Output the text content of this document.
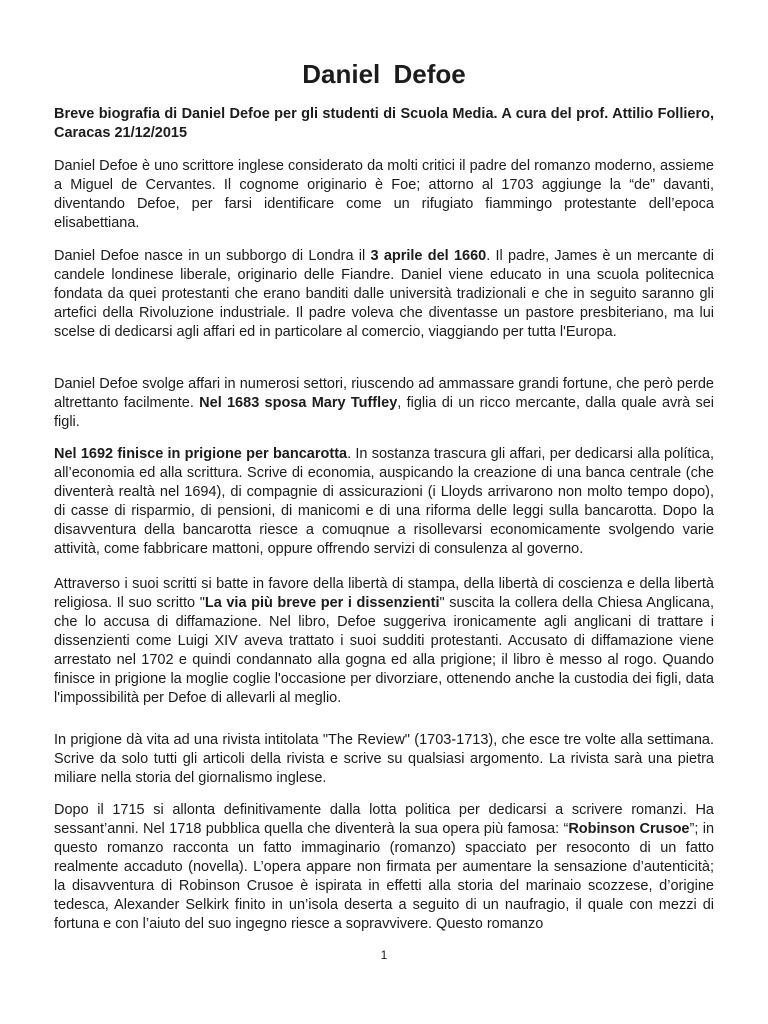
Daniel Defoe

Breve biografia di Daniel Defoe per gli studenti di Scuola Media. A cura del prof. Attilio Folliero, Caracas 21/12/2015

Daniel Defoe è uno scrittore inglese considerato da molti critici il padre del romanzo moderno, assieme a Miguel de Cervantes. Il cognome originario è Foe; attorno al 1703 aggiunge la “de” davanti, diventando Defoe, per farsi identificare come un rifugiato fiammingo protestante dell’epoca elisabettiana.

Daniel Defoe nasce in un subborgo di Londra il 3 aprile del 1660. Il padre, James è un mercante di candele londinese liberale, originario delle Fiandre. Daniel viene educato in una scuola politecnica fondata da quei protestanti che erano banditi dalle università tradizionali e che in seguito saranno gli artefici della Rivoluzione industriale. Il padre voleva che diventasse un pastore presbiteriano, ma lui scelse di dedicarsi agli affari ed in particolare al comercio, viaggiando per tutta l'Europa.

Daniel Defoe svolge affari in numerosi settori, riuscendo ad ammassare grandi fortune, che però perde altrettanto facilmente. Nel 1683 sposa Mary Tuffley, figlia di un ricco mercante, dalla quale avrà sei figli.

Nel 1692 finisce in prigione per bancarotta. In sostanza trascura gli affari, per dedicarsi alla política, all’economia ed alla scrittura. Scrive di economia, auspicando la creazione di una banca centrale (che diventerà realtà nel 1694), di compagnie di assicurazioni (i Lloyds arrivarono non molto tempo dopo), di casse di risparmio, di pensioni, di manicomi e di una riforma delle leggi sulla bancarotta. Dopo la disavventura della bancarotta riesce a comuqnue a risollevarsi economicamente svolgendo varie attività, come fabbricare mattoni, oppure offrendo servizi di consulenza al governo.

Attraverso i suoi scritti si batte in favore della libertà di stampa, della libertà di coscienza e della libertà religiosa. Il suo scritto "La via più breve per i dissenzienti" suscita la collera della Chiesa Anglicana, che lo accusa di diffamazione. Nel libro, Defoe suggeriva ironicamente agli anglicani di trattare i dissenzienti come Luigi XIV aveva trattato i suoi sudditi protestanti. Accusato di diffamazione viene arrestato nel 1702 e quindi condannato alla gogna ed alla prigione; il libro è messo al rogo. Quando finisce in prigione la moglie coglie l'occasione per divorziare, ottenendo anche la custodia dei figli, data l'impossibilità per Defoe di allevarli al meglio.

In prigione dà vita ad una rivista intitolata "The Review" (1703-1713), che esce tre volte alla settimana. Scrive da solo tutti gli articoli della rivista e scrive su qualsiasi argomento. La rivista sarà una pietra miliare nella storia del giornalismo inglese.

Dopo il 1715 si allonta definitivamente dalla lotta politica per dedicarsi a scrivere romanzi. Ha sessant’anni. Nel 1718 pubblica quella che diventerà la sua opera più famosa: “Robinson Crusoe”; in questo romanzo racconta un fatto immaginario (romanzo) spacciato per resoconto di un fatto realmente accaduto (novella). L’opera appare non firmata per aumentare la sensazione d’autenticità; la disavventura di Robinson Crusoe è ispirata in effetti alla storia del marinaio scozzese, d’origine tedesca, Alexander Selkirk finito in un’isola deserta a seguito di un naufragio, il quale con mezzi di fortuna e con l’aiuto del suo ingegno riesce a sopravvivere. Questo romanzo

1
